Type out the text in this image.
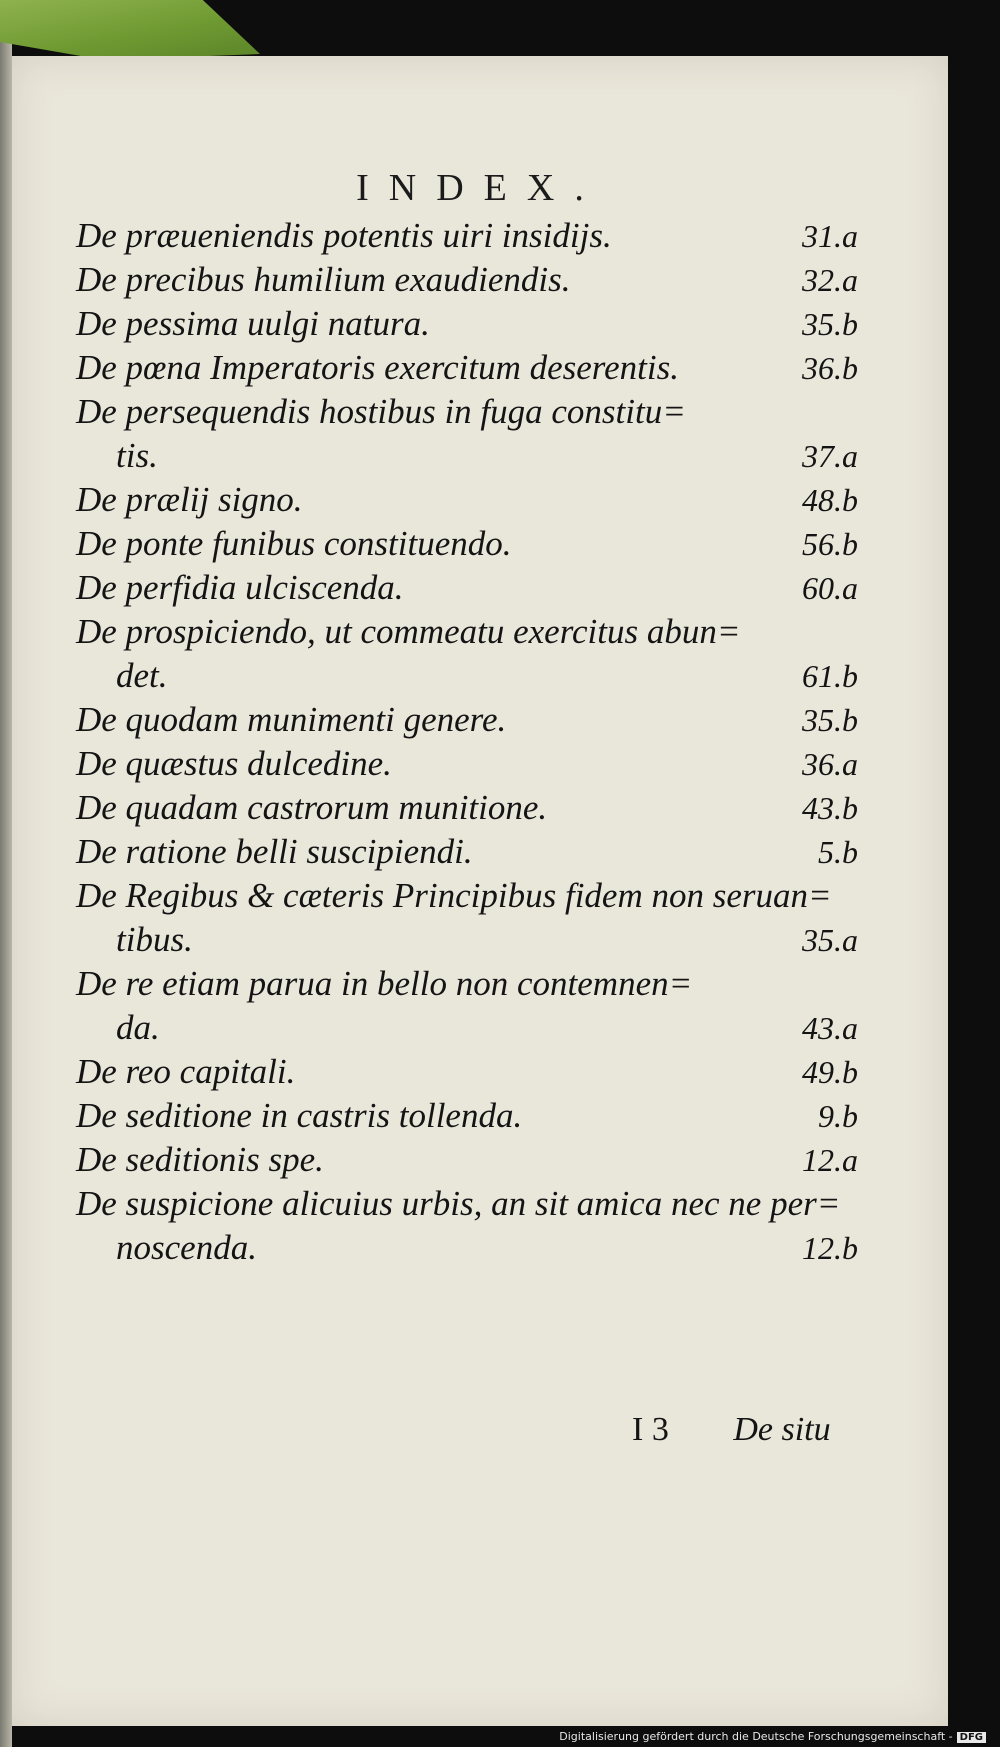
INDEX.
De præueniendis potentis uiri insidijs.	31.a
De precibus humilium exaudiendis.	32.a
De pessima uulgi natura.	35.b
De pœna Imperatoris exercitum deserentis.	36.b
De persequendis hostibus in fuga constitu=
tis.	37.a
De prælij signo.	48.b
De ponte funibus constituendo.	56.b
De perfidia ulciscenda.	60.a
De prospiciendo, ut commeatu exercitus abun=
det.	61.b
De quodam munimenti genere.	35.b
De quæstus dulcedine.	36.a
De quadam castrorum munitione.	43.b
De ratione belli suscipiendi.	5.b
De Regibus & cæteris Principibus fidem non seruan=
tibus.	35.a
De re etiam parua in bello non contemnen=
da.	43.a
De reo capitali.	49.b
De seditione in castris tollenda.	9.b
De seditionis spe.	12.a
De suspicione alicuius urbis, an sit amica nec ne per=
noscenda.	12.b
I 3 De situ
Digitalisierung gefördert durch die Deutsche Forschungsgemeinschaft - DFG
